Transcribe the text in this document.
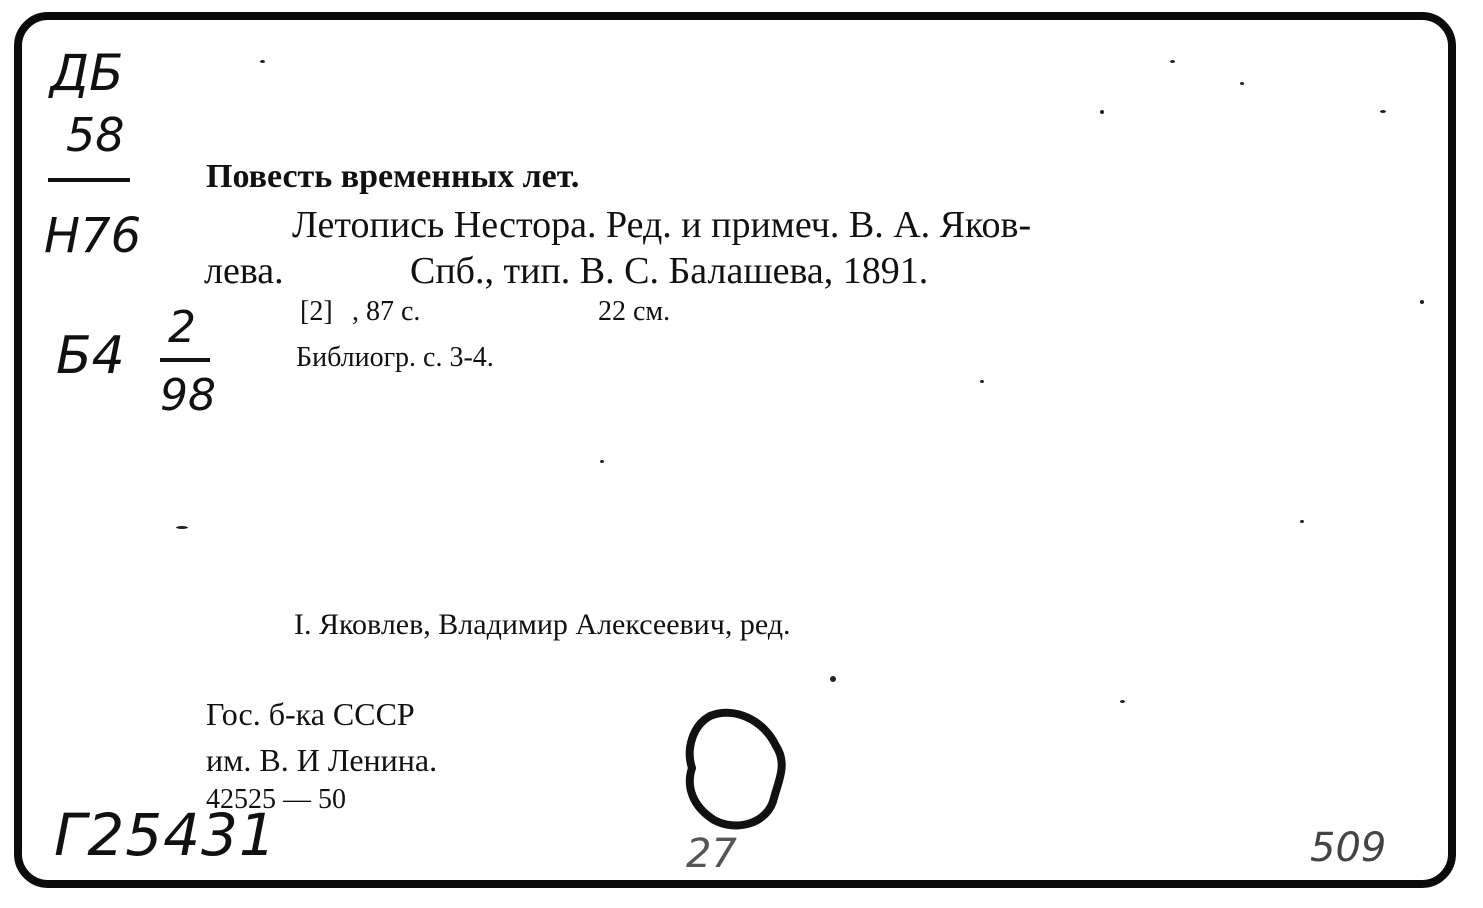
ДБ
58
Н76
Б4 2
98
Повесть временных лет.
Летопись Нестора. Ред. и примеч. В. А. Яков-
лева.	Спб., тип. В. С. Балашева, 1891.
[2] , 87 с.	22 см.
Библиогр. с. 3-4.
I. Яковлев, Владимир Алексеевич, ред.
Гос. б-ка СССР
им. В. И Ленина.
42525 — 50
Г25431	27	509
